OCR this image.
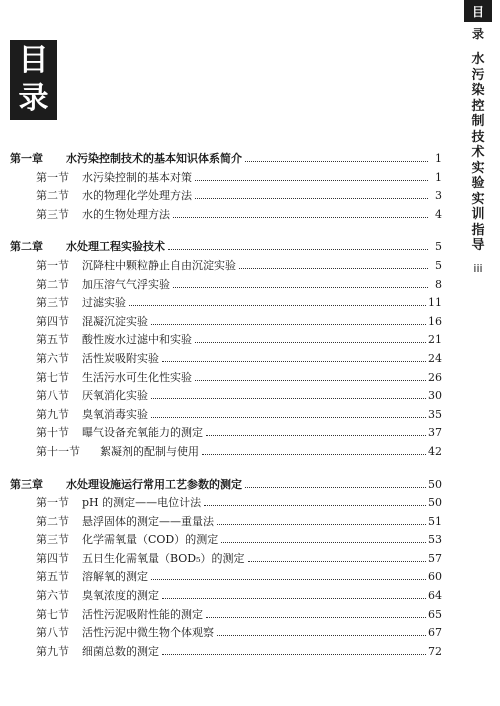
目
录
目
录
水
污
染
控
制
技
术
实
验
实
训
指
导
iii
第一章	水污染控制技术的基本知识体系简介	1
第一节	水污染控制的基本对策	1
第二节	水的物理化学处理方法	3
第三节	水的生物处理方法	4
第二章	水处理工程实验技术	5
第一节	沉降柱中颗粒静止自由沉淀实验	5
第二节	加压溶气气浮实验	8
第三节	过滤实验	11
第四节	混凝沉淀实验	16
第五节	酸性废水过滤中和实验	21
第六节	活性炭吸附实验	24
第七节	生活污水可生化性实验	26
第八节	厌氧消化实验	30
第九节	臭氧消毒实验	35
第十节	曝气设备充氧能力的测定	37
第十一节	絮凝剂的配制与使用	42
第三章	水处理设施运行常用工艺参数的测定	50
第一节	pH 的测定——电位计法	50
第二节	悬浮固体的测定——重量法	51
第三节	化学需氧量（COD）的测定	53
第四节	五日生化需氧量（BOD₅）的测定	57
第五节	溶解氧的测定	60
第六节	臭氧浓度的测定	64
第七节	活性污泥吸附性能的测定	65
第八节	活性污泥中微生物个体观察	67
第九节	细菌总数的测定	72
